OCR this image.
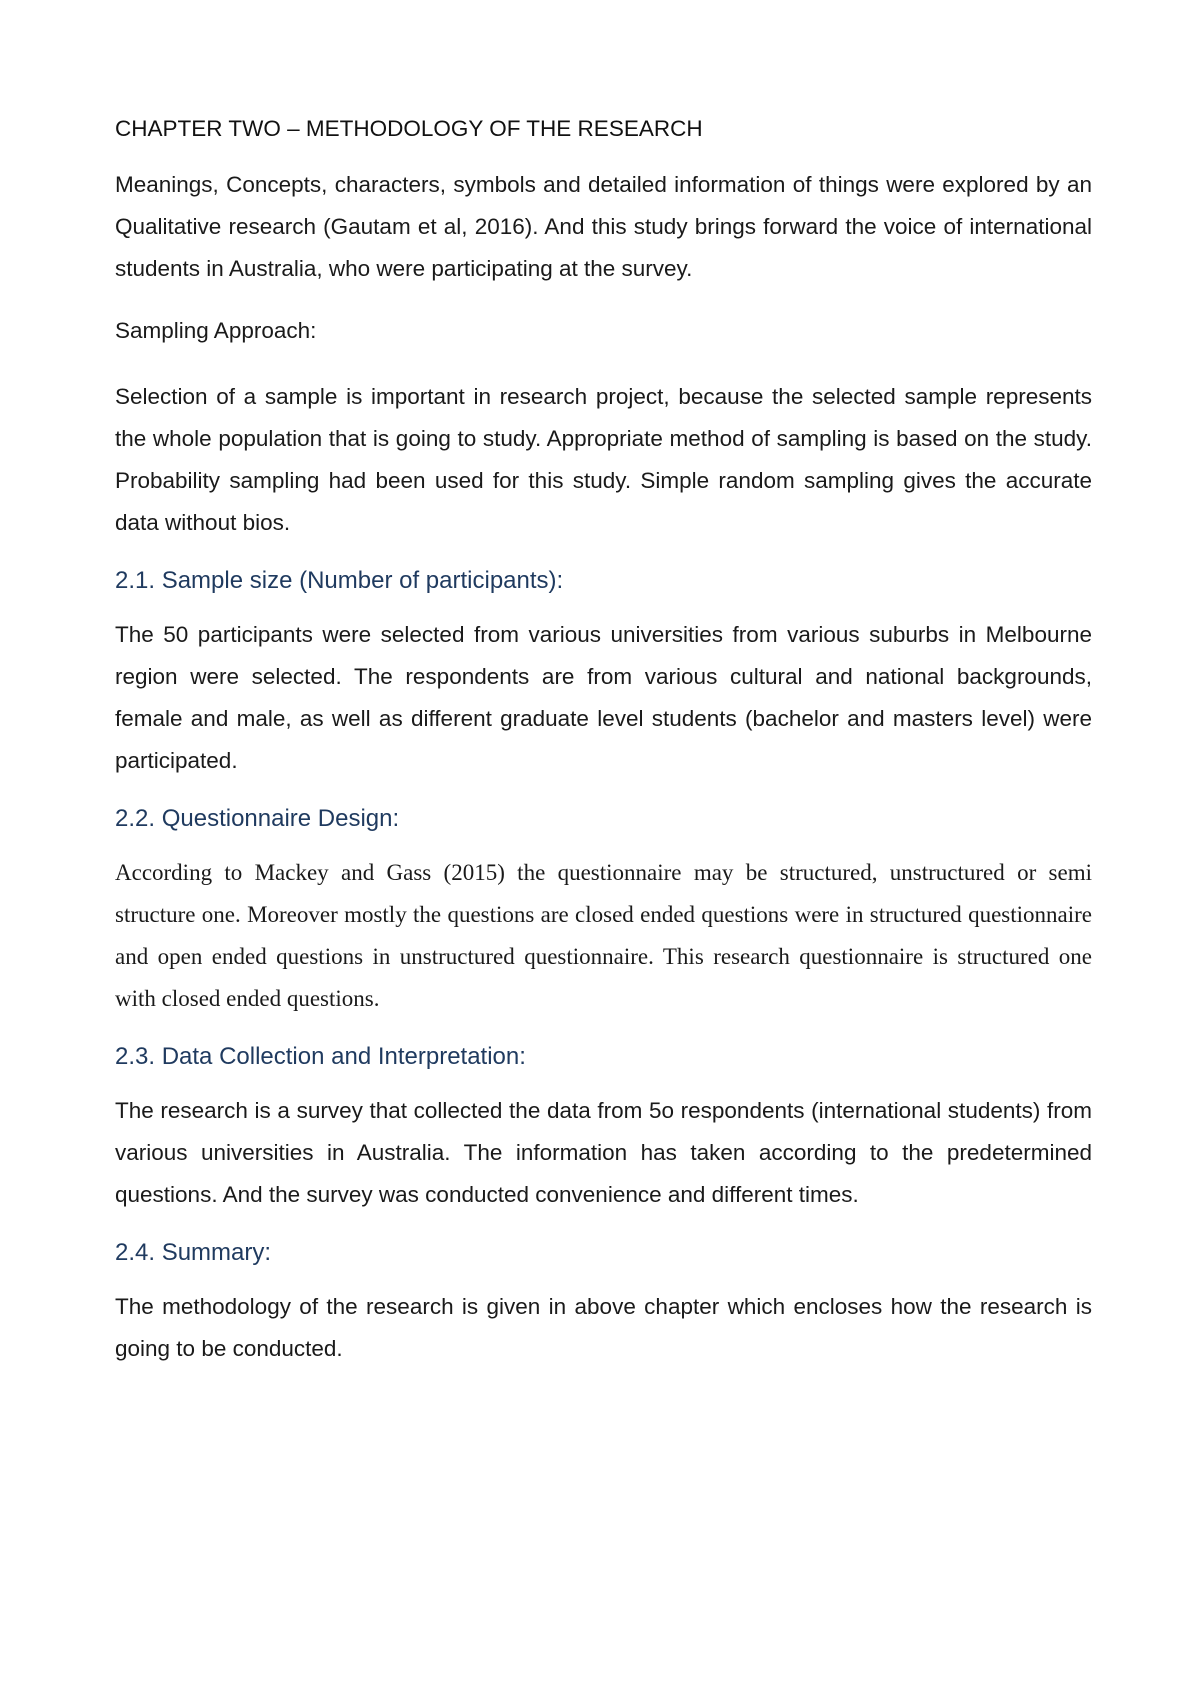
CHAPTER TWO – METHODOLOGY OF THE RESEARCH

Meanings, Concepts, characters, symbols and detailed information of things were explored by an Qualitative research (Gautam et al, 2016). And this study brings forward the voice of international students in Australia, who were participating at the survey.

Sampling Approach:

Selection of a sample is important in research project, because the selected sample represents the whole population that is going to study. Appropriate method of sampling is based on the study. Probability sampling had been used for this study. Simple random sampling gives the accurate data without bios.

2.1. Sample size (Number of participants):

The 50 participants were selected from various universities from various suburbs in Melbourne region were selected. The respondents are from various cultural and national backgrounds, female and male, as well as different graduate level students (bachelor and masters level) were participated.

2.2. Questionnaire Design:

According to Mackey and Gass (2015) the questionnaire may be structured, unstructured or semi structure one. Moreover mostly the questions are closed ended questions were in structured questionnaire and open ended questions in unstructured questionnaire. This research questionnaire is structured one with closed ended questions.

2.3. Data Collection and Interpretation:

The research is a survey that collected the data from 5o respondents (international students) from various universities in Australia. The information has taken according to the predetermined questions. And the survey was conducted convenience and different times.

2.4. Summary:

The methodology of the research is given in above chapter which encloses how the research is going to be conducted.
